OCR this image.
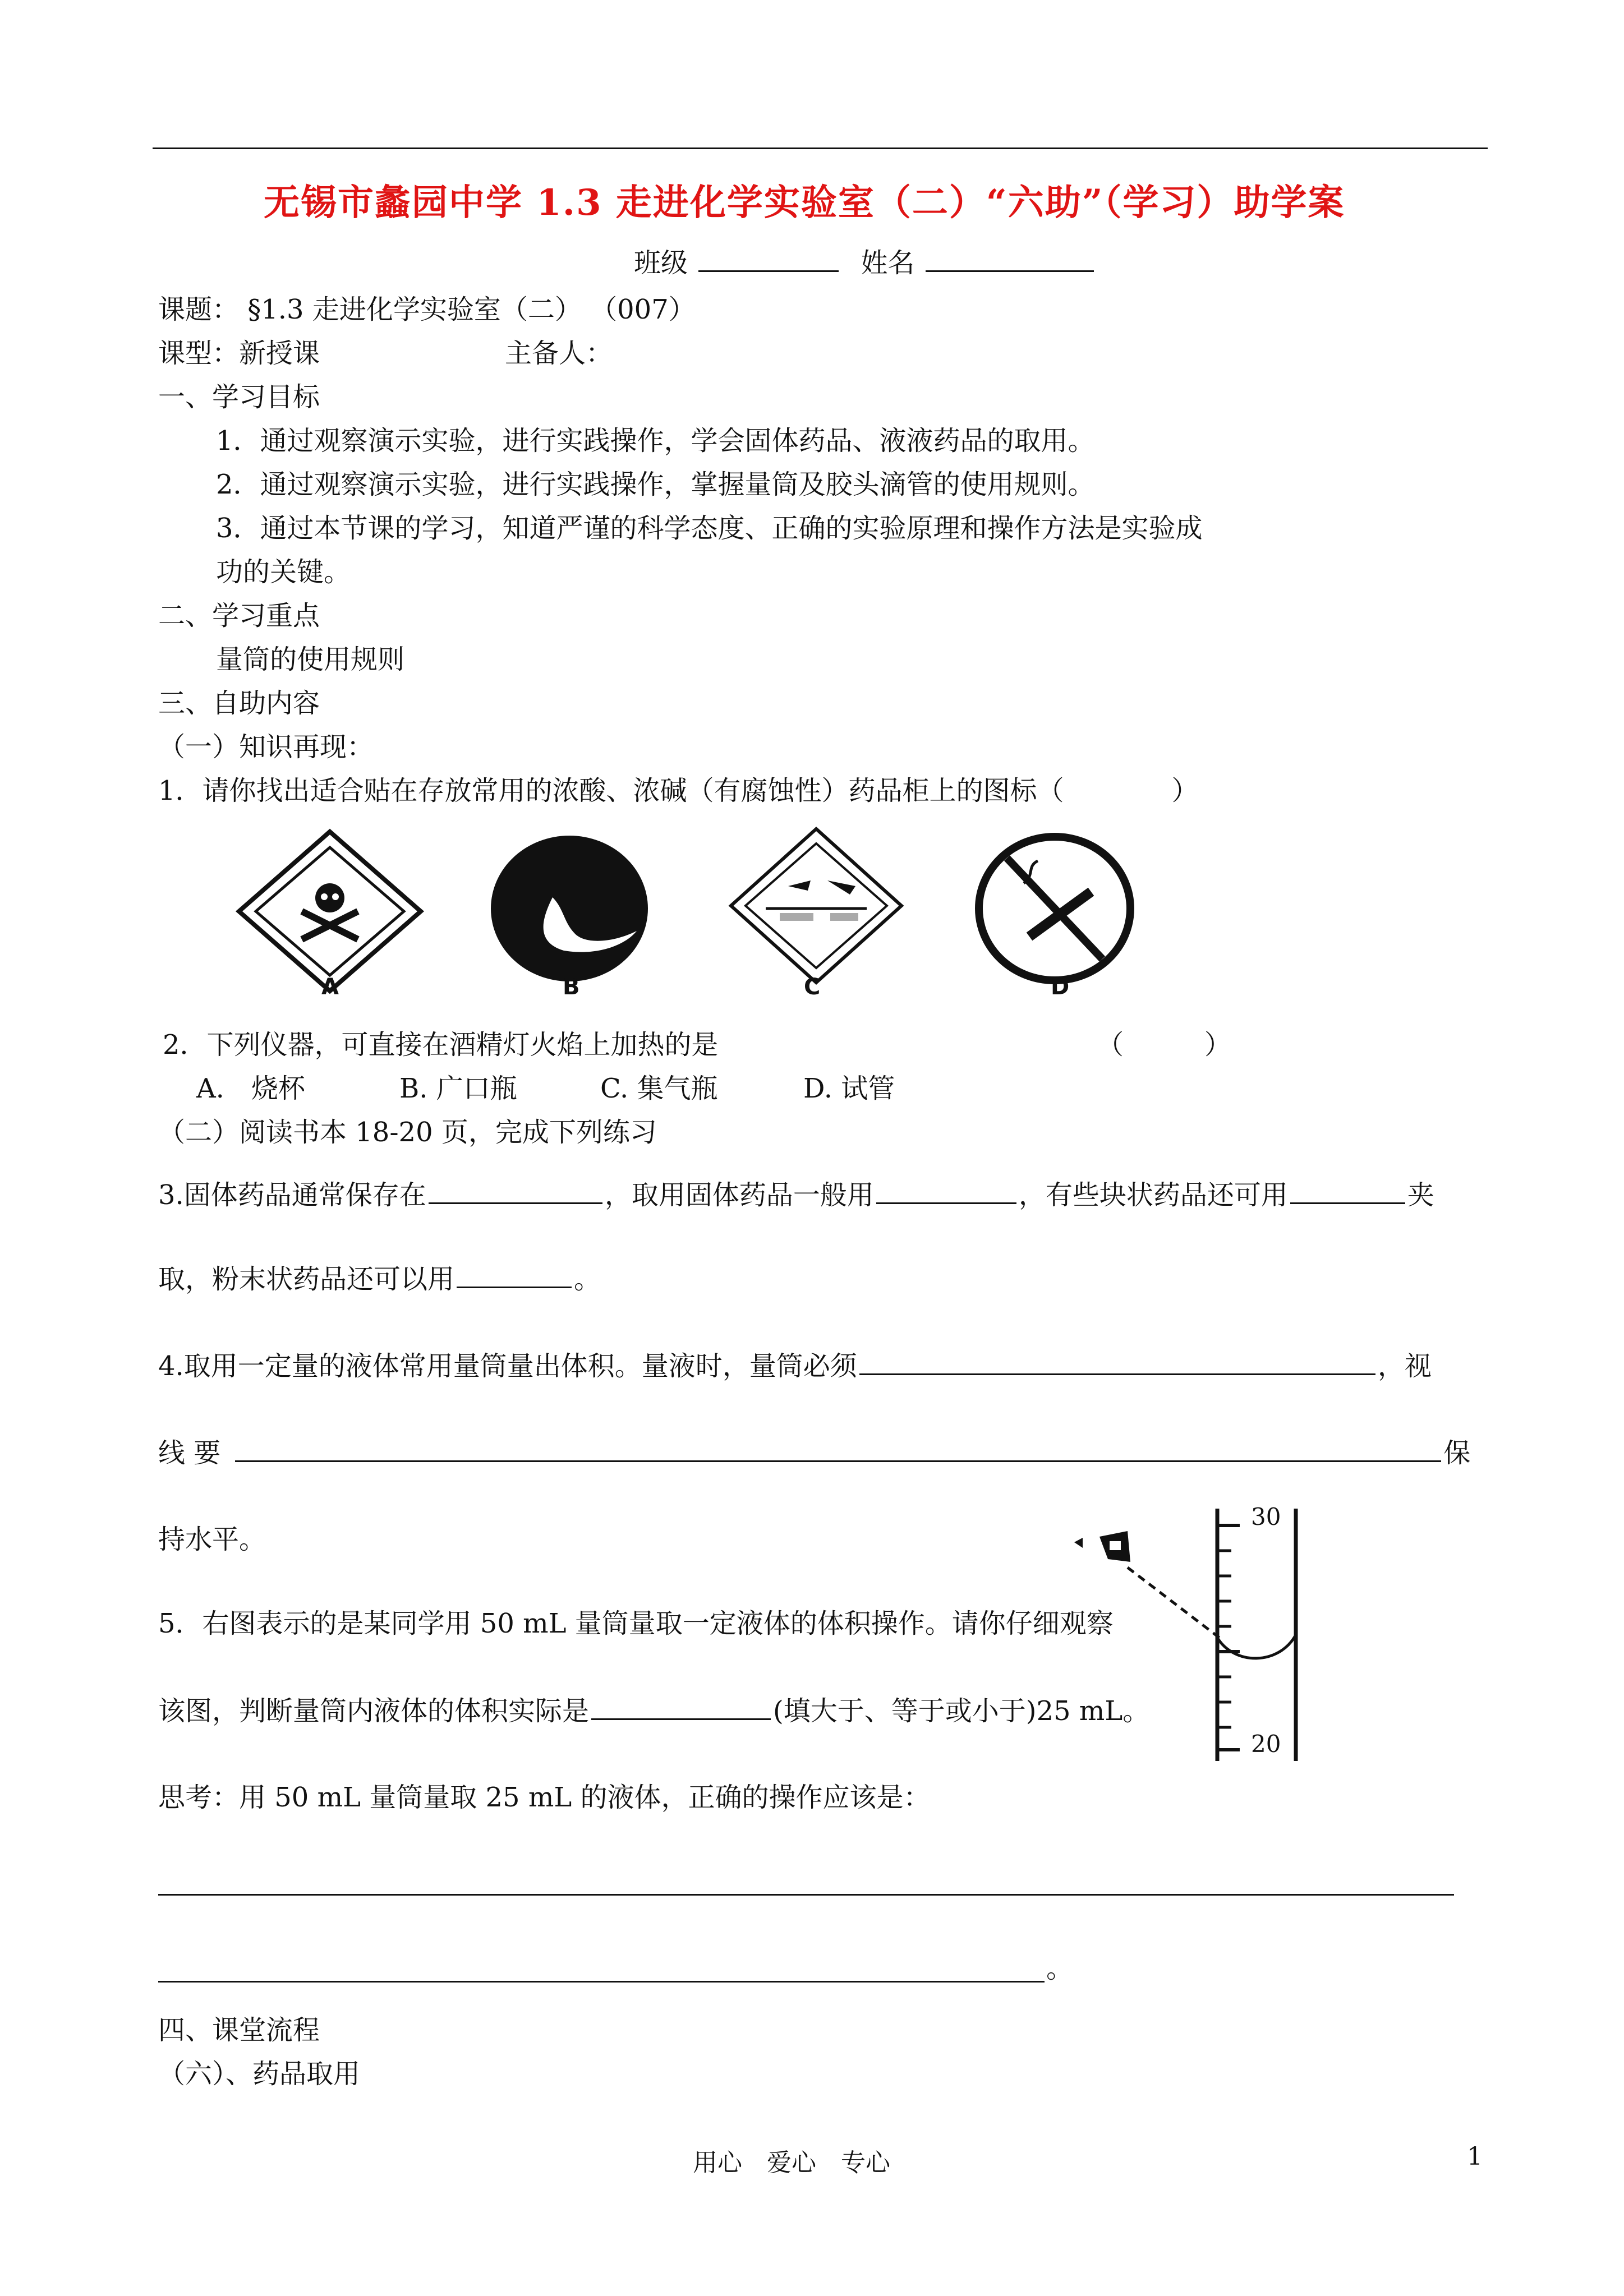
无锡市蠡园中学 1.3 走进化学实验室（二）“六助”（学习）助学案
班级	姓名
课题： §1.3 走进化学实验室（二） （007）
课型：新授课	主备人：
一、学习目标
1．通过观察演示实验，进行实践操作，学会固体药品、液液药品的取用。
2．通过观察演示实验，进行实践操作，掌握量筒及胶头滴管的使用规则。
3．通过本节课的学习，知道严谨的科学态度、正确的实验原理和操作方法是实验成
功的关键。
二、学习重点
量筒的使用规则
三、自助内容
（一）知识再现：
1．请你找出适合贴在存放常用的浓酸、浓碱（有腐蚀性）药品柜上的图标（　　　　）
A	B	C	D
2．下列仪器，可直接在酒精灯火焰上加热的是	（　　　）
A.　烧杯	B. 广口瓶	C. 集气瓶	D. 试管
（二）阅读书本 18-20 页，完成下列练习
3.固体药品通常保存在	，取用固体药品一般用	，有些块状药品还可用	夹
取，粉末状药品还可以用	。
4.取用一定量的液体常用量筒量出体积。量液时，量筒必须	，视
线 要	保
持水平。
30
20
5．右图表示的是某同学用 50 mL 量筒量取一定液体的体积操作。请你仔细观察
该图，判断量筒内液体的体积实际是	(填大于、等于或小于)25 mL。
思考：用 50 mL 量筒量取 25 mL 的液体，正确的操作应该是：
。
四、课堂流程
（六）、药品取用
用心　爱心　专心	1
